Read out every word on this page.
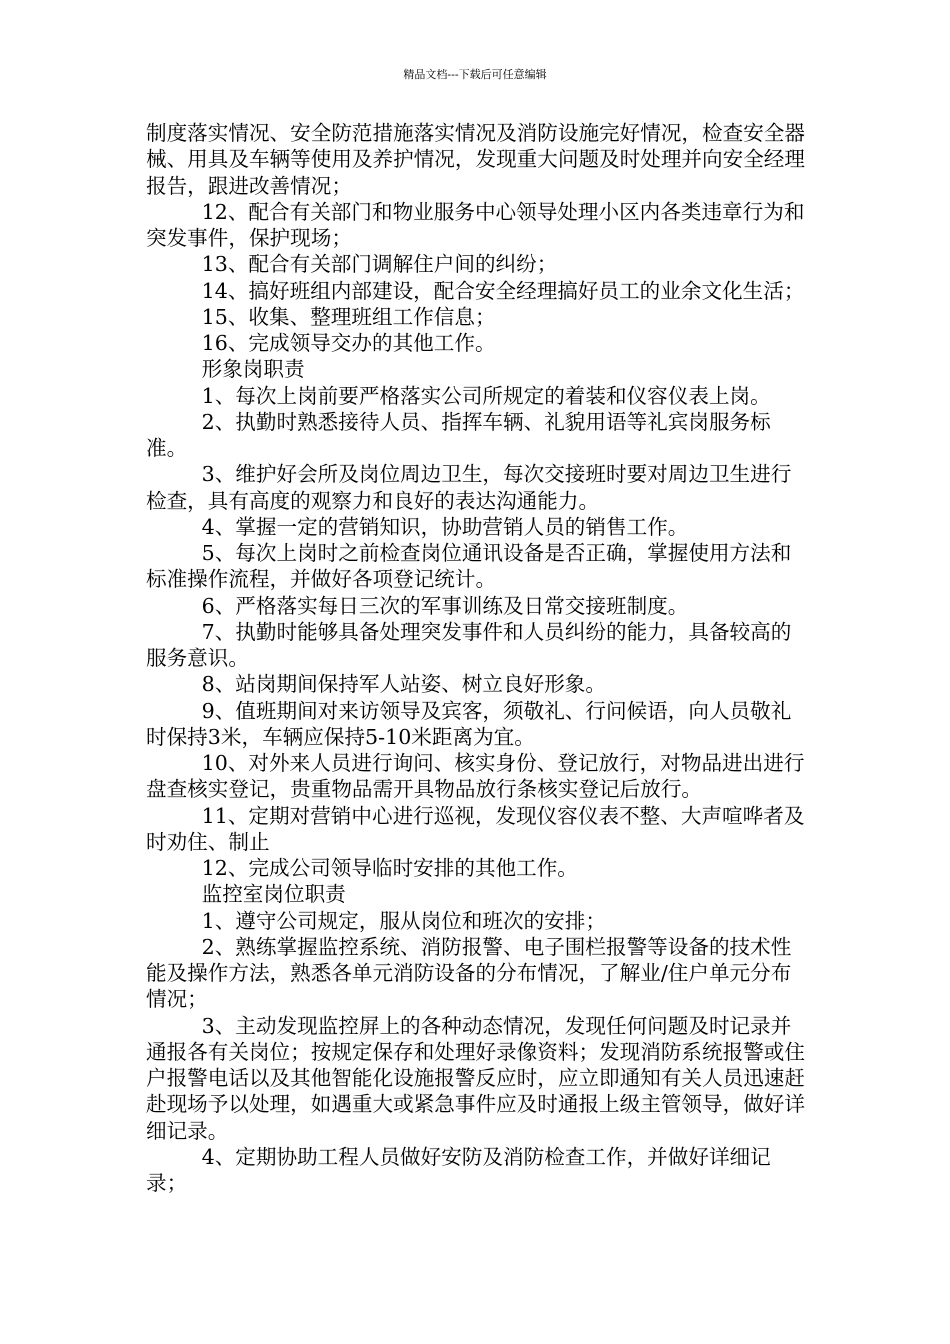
精品文档---下载后可任意编辑

制度落实情况、安全防范措施落实情况及消防设施完好情况，检查安全器械、用具及车辆等使用及养护情况，发现重大问题及时处理并向安全经理报告，跟进改善情况；

12、配合有关部门和物业服务中心领导处理小区内各类违章行为和突发事件，保护现场；

13、配合有关部门调解住户间的纠纷；

14、搞好班组内部建设，配合安全经理搞好员工的业余文化生活；

15、收集、整理班组工作信息；

16、完成领导交办的其他工作。

形象岗职责

1、每次上岗前要严格落实公司所规定的着装和仪容仪表上岗。

2、执勤时熟悉接待人员、指挥车辆、礼貌用语等礼宾岗服务标准。

3、维护好会所及岗位周边卫生，每次交接班时要对周边卫生进行检查，具有高度的观察力和良好的表达沟通能力。

4、掌握一定的营销知识，协助营销人员的销售工作。

5、每次上岗时之前检查岗位通讯设备是否正确，掌握使用方法和标准操作流程，并做好各项登记统计。

6、严格落实每日三次的军事训练及日常交接班制度。

7、执勤时能够具备处理突发事件和人员纠纷的能力，具备较高的服务意识。

8、站岗期间保持军人站姿、树立良好形象。

9、值班期间对来访领导及宾客，须敬礼、行问候语，向人员敬礼时保持3米，车辆应保持5-10米距离为宜。

10、对外来人员进行询问、核实身份、登记放行，对物品进出进行盘查核实登记，贵重物品需开具物品放行条核实登记后放行。

11、定期对营销中心进行巡视，发现仪容仪表不整、大声喧哗者及时劝住、制止

12、完成公司领导临时安排的其他工作。

监控室岗位职责

1、遵守公司规定，服从岗位和班次的安排；

2、熟练掌握监控系统、消防报警、电子围栏报警等设备的技术性能及操作方法，熟悉各单元消防设备的分布情况，了解业/住户单元分布情况；

3、主动发现监控屏上的各种动态情况，发现任何问题及时记录并通报各有关岗位；按规定保存和处理好录像资料；发现消防系统报警或住户报警电话以及其他智能化设施报警反应时，应立即通知有关人员迅速赶赴现场予以处理，如遇重大或紧急事件应及时通报上级主管领导，做好详细记录。

4、定期协助工程人员做好安防及消防检查工作，并做好详细记录；
